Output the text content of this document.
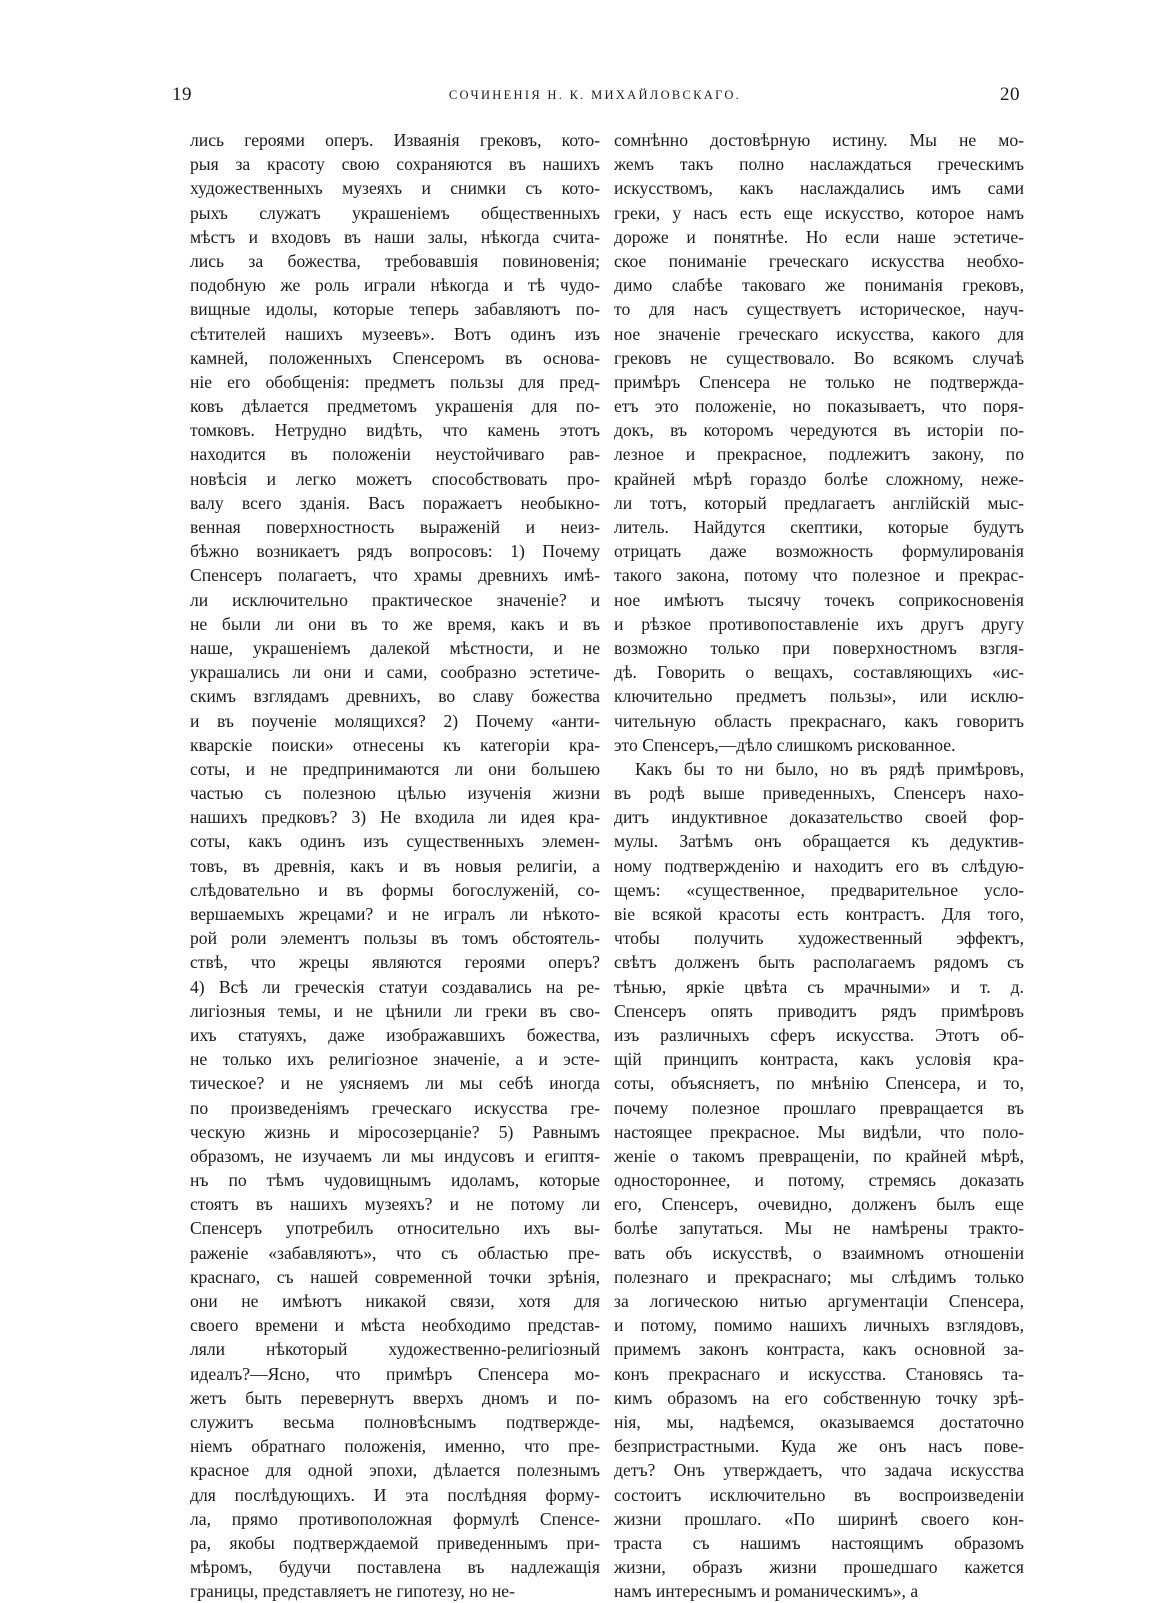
19	СОЧИНЕНІЯ Н. К. МИХАЙЛОВСКАГО.	20
лись героями оперъ. Изваянія грековъ, кото-
рыя за красоту свою сохраняются въ нашихъ
художественныхъ музеяхъ и снимки съ кото-
рыхъ служатъ украшеніемъ общественныхъ
мѣстъ и входовъ въ наши залы, нѣкогда счита-
лись за божества, требовавшія повиновенія;
подобную же роль играли нѣкогда и тѣ чудо-
вищные идолы, которые теперь забавляютъ по-
сѣтителей нашихъ музеевъ». Вотъ одинъ изъ
камней, положенныхъ Спенсеромъ въ основа-
ніе его обобщенія: предметъ пользы для пред-
ковъ дѣлается предметомъ украшенія для по-
томковъ. Нетрудно видѣть, что камень этотъ
находится въ положеніи неустойчиваго рав-
новѣсія и легко можетъ способствовать про-
валу всего зданія. Васъ поражаетъ необыкно-
венная поверхностность выраженій и неиз-
бѣжно возникаетъ рядъ вопросовъ: 1) Почему
Спенсеръ полагаетъ, что храмы древнихъ имѣ-
ли исключительно практическое значеніе? и
не были ли они въ то же время, какъ и въ
наше, украшеніемъ далекой мѣстности, и не
украшались ли они и сами, сообразно эстетиче-
скимъ взглядамъ древнихъ, во славу божества
и въ поученіе молящихся? 2) Почему «анти-
кварскіе поиски» отнесены къ категоріи кра-
соты, и не предпринимаются ли они большею
частью съ полезною цѣлью изученія жизни
нашихъ предковъ? 3) Не входила ли идея кра-
соты, какъ одинъ изъ существенныхъ элемен-
товъ, въ древнія, какъ и въ новыя религіи, а
слѣдовательно и въ формы богослуженій, со-
вершаемыхъ жрецами? и не игралъ ли нѣкото-
рой роли элементъ пользы въ томъ обстоятель-
ствѣ, что жрецы являются героями оперъ?
4) Всѣ ли греческія статуи создавались на ре-
лигіозныя темы, и не цѣнили ли греки въ сво-
ихъ статуяхъ, даже изображавшихъ божества,
не только ихъ религіозное значеніе, а и эсте-
тическое? и не уясняемъ ли мы себѣ иногда
по произведеніямъ греческаго искусства гре-
ческую жизнь и міросозерцаніе? 5) Равнымъ
образомъ, не изучаемъ ли мы индусовъ и египтя-
нъ по тѣмъ чудовищнымъ идоламъ, которые
стоятъ въ нашихъ музеяхъ? и не потому ли
Спенсеръ употребилъ относительно ихъ вы-
раженіе «забавляютъ», что съ областью пре-
краснаго, съ нашей современной точки зрѣнія,
они не имѣютъ никакой связи, хотя для
своего времени и мѣста необходимо представ-
ляли нѣкоторый художественно-религіозный
идеалъ?—Ясно, что примѣръ Спенсера мо-
жетъ быть перевернутъ вверхъ дномъ и по-
служитъ весьма полновѣснымъ подтвержде-
ніемъ обратнаго положенія, именно, что пре-
красное для одной эпохи, дѣлается полезнымъ
для послѣдующихъ. И эта послѣдняя форму-
ла, прямо противоположная формулѣ Спенсе-
ра, якобы подтверждаемой приведеннымъ при-
мѣромъ, будучи поставлена въ надлежащія
границы, представляетъ не гипотезу, но не-
сомнѣнно достовѣрную истину. Мы не мо-
жемъ такъ полно наслаждаться греческимъ
искусствомъ, какъ наслаждались имъ сами
греки, у насъ есть еще искусство, которое намъ
дороже и понятнѣе. Но если наше эстетиче-
ское пониманіе греческаго искусства необхо-
димо слабѣе таковаго же пониманія грековъ,
то для насъ существуетъ историческое, науч-
ное значеніе греческаго искусства, какого для
грековъ не существовало. Во всякомъ случаѣ
примѣръ Спенсера не только не подтвержда-
етъ это положеніе, но показываетъ, что поря-
докъ, въ которомъ чередуются въ исторіи по-
лезное и прекрасное, подлежитъ закону, по
крайней мѣрѣ гораздо болѣе сложному, нeже-
ли тотъ, который предлагаетъ англійскій мыс-
литель. Найдутся скептики, которые будутъ
отрицать даже возможность формулированія
такого закона, потому что полезное и прекрас-
ное имѣютъ тысячу точекъ соприкосновенія
и рѣзкое противопоставленіе ихъ другъ другу
возможно только при поверхностномъ взгля-
дѣ. Говорить о вещахъ, составляющихъ «ис-
ключительно предметъ пользы», или исклю-
чительную область прекраснаго, какъ говоритъ
это Спенсеръ,—дѣло слишкомъ рискованное.
Какъ бы то ни было, но въ рядѣ примѣровъ,
въ родѣ выше приведенныхъ, Спенсеръ нахо-
дитъ индуктивное доказательство своей фор-
мулы. Затѣмъ онъ обращается къ дедуктив-
ному подтвержденію и находитъ его въ слѣдую-
щемъ: «существенное, предварительное усло-
віе всякой красоты есть контрастъ. Для того,
чтобы получить художественный эффектъ,
свѣтъ долженъ быть располагаемъ рядомъ съ
тѣнью, яркіе цвѣта съ мрачными» и т. д.
Спенсеръ опять приводитъ рядъ примѣровъ
изъ различныхъ сферъ искусства. Этотъ об-
щій принципъ контраста, какъ условія кра-
соты, объясняетъ, по мнѣнію Спенсера, и то,
почему полезное прошлаго превращается въ
настоящее прекрасное. Мы видѣли, что поло-
женіе о такомъ превращеніи, по крайней мѣрѣ,
одностороннее, и потому, стремясь доказать
его, Спенсеръ, очевидно, долженъ былъ еще
болѣе запутаться. Мы не намѣрены тракто-
вать объ искусствѣ, о взаимномъ отношеніи
полезнаго и прекраснаго; мы слѣдимъ только
за логическою нитью аргументаціи Спенсера,
и потому, помимо нашихъ личныхъ взглядовъ,
примемъ законъ контраста, какъ основной за-
конъ прекраснаго и искусства. Становясь та-
кимъ образомъ на его собственную точку зрѣ-
нія, мы, надѣемся, оказываемся достаточно
безпристрастными. Куда же онъ насъ пове-
детъ? Онъ утверждаетъ, что задача искусства
состоитъ исключительно въ воспроизведеніи
жизни прошлаго. «По ширинѣ своего кон-
траста съ нашимъ настоящимъ образомъ
жизни, образъ жизни прошедшаго кажется
намъ интереснымъ и романическимъ», а
